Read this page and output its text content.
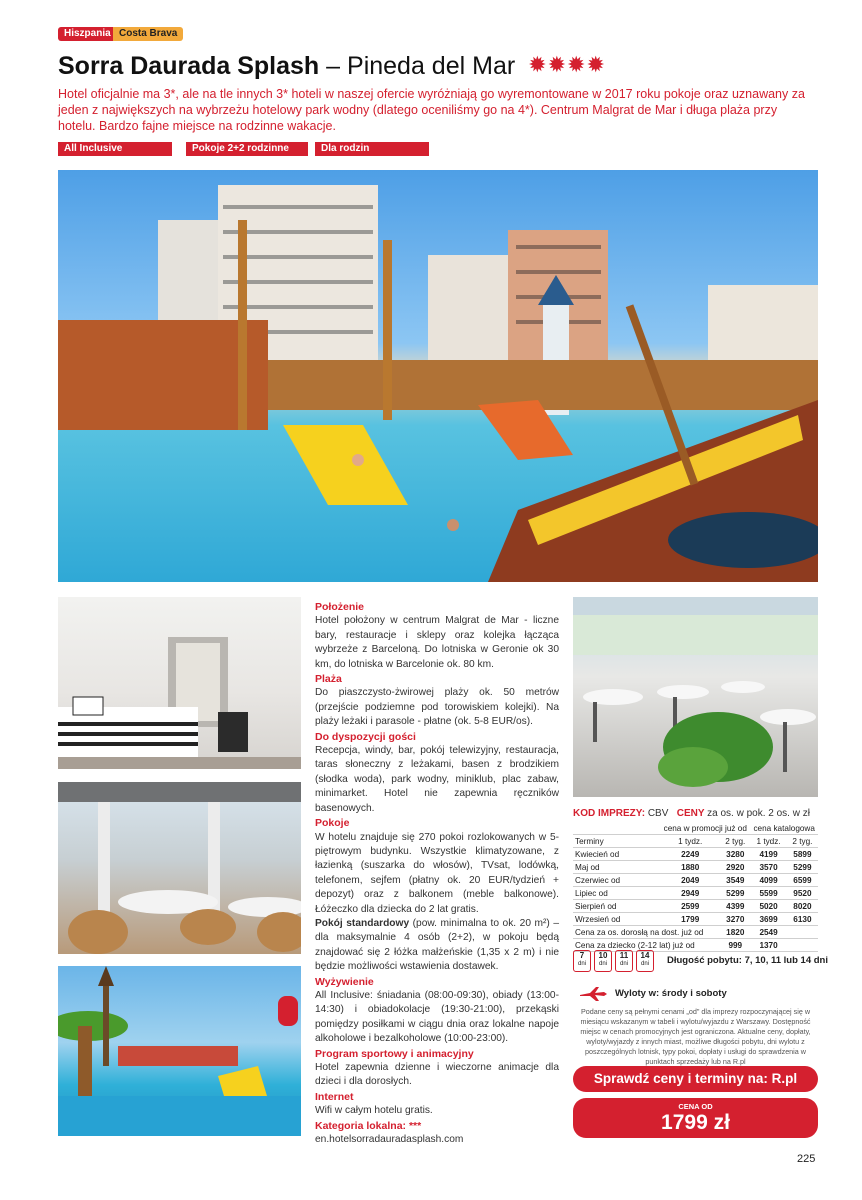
Hiszpania Costa Brava
Sorra Daurada Splash – Pineda del Mar ✹✹✹✹
Hotel oficjalnie ma 3*, ale na tle innych 3* hoteli w naszej ofercie wyróżniają go wyremontowane w 2017 roku pokoje oraz uznawany za jeden z największych na wybrzeżu hotelowy park wodny (dlatego oceniliśmy go na 4*). Centrum Malgrat de Mar i długa plaża przy hotelu. Bardzo fajne miejsce na rodzinne wakacje.
All Inclusive	Pokoje 2+2 rodzinne	Dla rodzin
Położenie

Hotel położony w centrum Malgrat de Mar - liczne bary, restauracje i sklepy oraz kolejka łącząca wybrzeże z Barceloną. Do lotniska w Geronie ok 30 km, do lotniska w Barcelonie ok. 80 km.

Plaża

Do piaszczysto-żwirowej plaży ok. 50 metrów (przejście podziemne pod torowiskiem kolejki). Na plaży leżaki i parasole - płatne (ok. 5-8 EUR/os).

Do dyspozycji gości

Recepcja, windy, bar, pokój telewizyjny, restauracja, taras słoneczny z leżakami, basen z brodzikiem (słodka woda), park wodny, miniklub, plac zabaw, minimarket. Hotel nie zapewnia ręczników basenowych.

Pokoje

W hotelu znajduje się 270 pokoi rozlokowanych w 5-piętrowym budynku. Wszystkie klimatyzowane, z łazienką (suszarka do włosów), TVsat, lodówką, telefonem, sejfem (płatny ok. 20 EUR/tydzień + depozyt) oraz z balkonem (meble balkonowe). Łóżeczko dla dziecka do 2 lat gratis.

Pokój standardowy (pow. minimalna to ok. 20 m²) – dla maksymalnie 4 osób (2+2), w pokoju będą znajdować się 2 łóżka małżeńskie (1,35 x 2 m) i nie będzie możliwości wstawienia dostawek.

Wyżywienie

All Inclusive: śniadania (08:00-09:30), obiady (13:00-14:30) i obiadokolacje (19:30-21:00), przekąski pomiędzy posiłkami w ciągu dnia oraz lokalne napoje alkoholowe i bezalkoholowe (10:00-23:00).

Program sportowy i animacyjny

Hotel zapewnia dzienne i wieczorne animacje dla dzieci i dla dorosłych.

Internet

Wifi w całym hotelu gratis.

Kategoria lokalna: ***

en.hotelsorradauradasplash.com

KOD IMPREZY: CBV CENY za os. w pok. 2 os. w zł
	cena w promocji już od		cena katalogowa	
Terminy	1 tydz.	2 tyg.	1 tydz.	2 tyg.
Kwiecień od	2249	3280	4199	5899
Maj od	1880	2920	3570	5299
Czerwiec od	2049	3549	4099	6599
Lipiec od	2949	5299	5599	9520
Sierpień od	2599	4399	5020	8020
Wrzesień od	1799	3270	3699	6130
Cena za os. dorosłą na dost. już od		1820	2549	
Cena za dziecko (2-12 lat) już od		999	1370	
7
dni
10
dni
11
dni
14
dni	Długość pobytu: 7, 10, 11 lub 14 dni
Wyloty w: środy i soboty
Podane ceny są pełnymi cenami „od" dla imprezy rozpoczynającej się w miesiącu wskazanym w tabeli i wylotu/wyjazdu z Warszawy. Dostępność miejsc w cenach promocyjnych jest ograniczona. Aktualne ceny, dopłaty, wyloty/wyjazdy z innych miast, możliwe długości pobytu, dni wylotu z poszczególnych lotnisk, typy pokoi, dopłaty i usługi do sprawdzenia w punktach sprzedaży lub na R.pl
Sprawdź ceny i terminy na: R.pl
CENA OD
1799 zł
225
